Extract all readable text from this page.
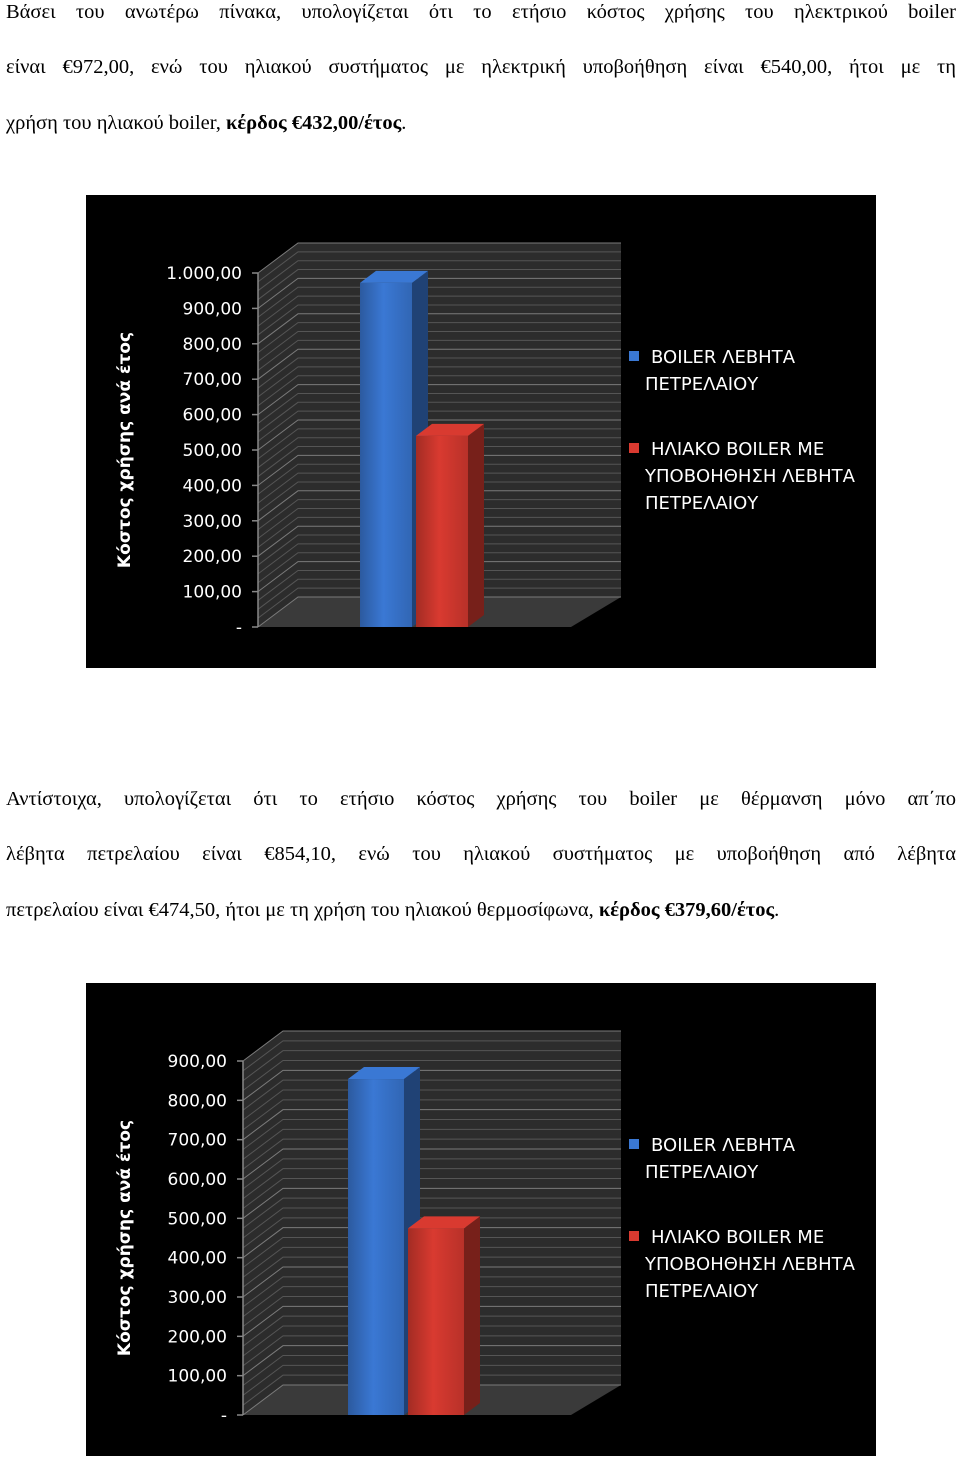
Βάσει του ανωτέρω πίνακα, υπολογίζεται ότι το ετήσιο κόστος χρήσης του ηλεκτρικού boiler
είναι €972,00, ενώ του ηλιακού συστήματος με ηλεκτρική υποβοήθηση είναι €540,00, ήτοι με τη
χρήση του ηλιακού boiler, κέρδος €432,00/έτος.
-
100,00
200,00
300,00
400,00
500,00
600,00
700,00
800,00
900,00
1.000,00
Κόστος χρήσης ανά έτος	BOILER ΛΕΒΗΤΑ
ΠΕΤΡΕΛΑΙΟΥ
ΗΛΙΑΚΟ BOILER ΜΕ
ΥΠΟΒΟΗΘΗΣΗ ΛΕΒΗΤΑ
ΠΕΤΡΕΛΑΙΟΥ
Αντίστοιχα, υπολογίζεται ότι το ετήσιο κόστος χρήσης του boiler με θέρμανση μόνο απ΄πο
λέβητα πετρελαίου είναι €854,10, ενώ του ηλιακού συστήματος με υποβοήθηση από λέβητα
πετρελαίου είναι €474,50, ήτοι με τη χρήση του ηλιακού θερμοσίφωνα, κέρδος €379,60/έτος.
-
100,00
200,00
300,00
400,00
500,00
600,00
700,00
800,00
900,00
Κόστος χρήσης ανά έτος	BOILER ΛΕΒΗΤΑ
ΠΕΤΡΕΛΑΙΟΥ
ΗΛΙΑΚΟ BOILER ΜΕ
ΥΠΟΒΟΗΘΗΣΗ ΛΕΒΗΤΑ
ΠΕΤΡΕΛΑΙΟΥ
